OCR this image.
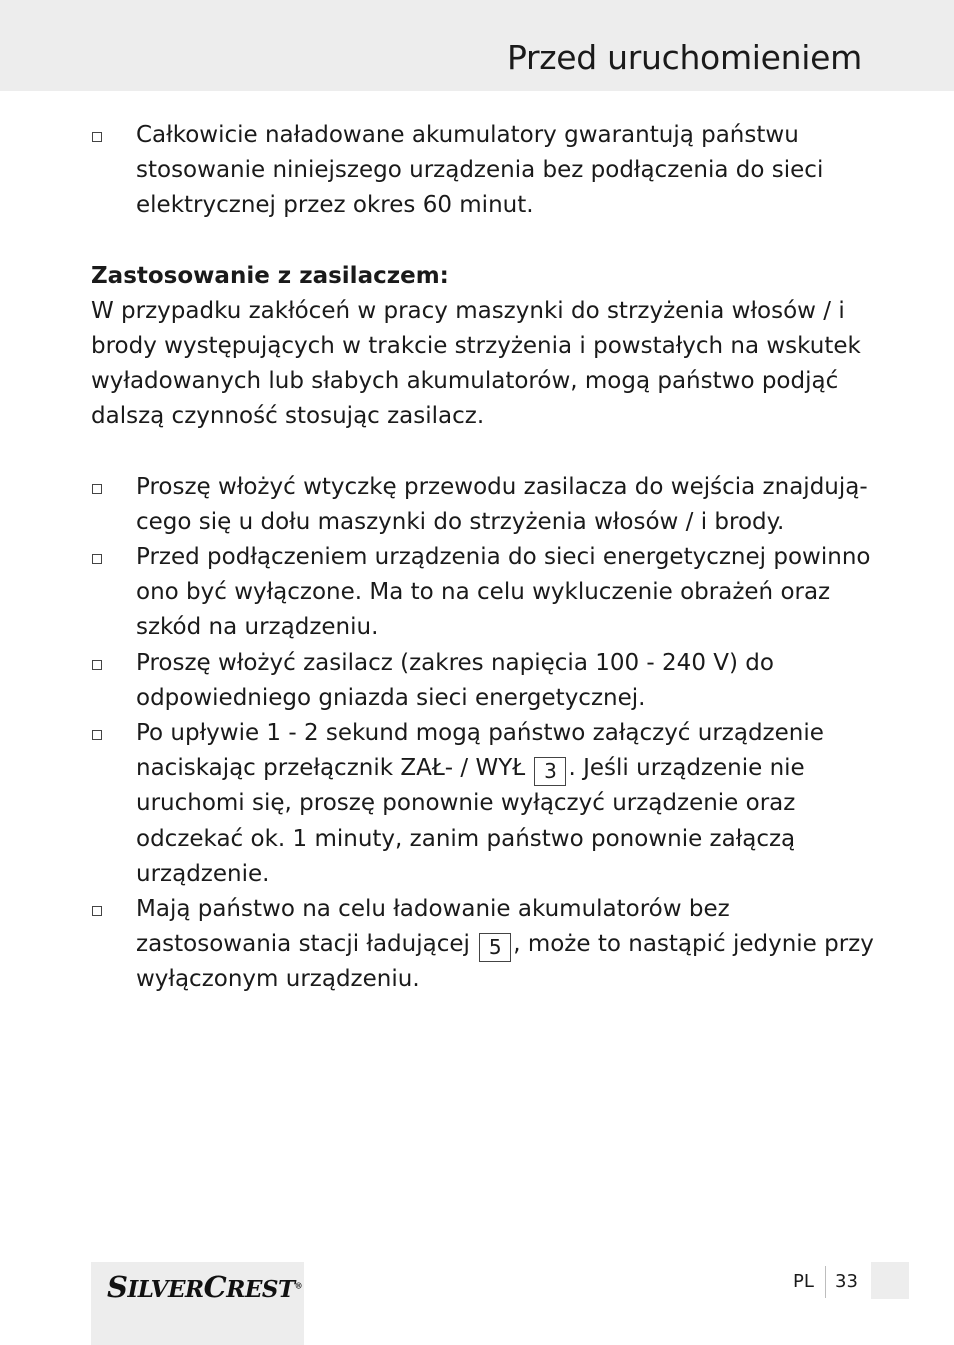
Przed uruchomieniem
Całkowicie naładowane akumulatory gwarantują państwu stosowanie niniejszego urządzenia bez podłączenia do sieci elektrycznej przez okres 60 minut.

Zastosowanie z zasilaczem:

W przypadku zakłóceń w pracy maszynki do strzyżenia włosów / i brody występujących w trakcie strzyżenia i powstałych na wskutek wyładowanych lub słabych akumulatorów, mogą państwo podjąć dalszą czynność stosując zasilacz.

Proszę włożyć wtyczkę przewodu zasilacza do wejścia znajdują-cego się u dołu maszynki do strzyżenia włosów / i brody.
Przed podłączeniem urządzenia do sieci energetycznej powinno ono być wyłączone. Ma to na celu wykluczenie obrażeń oraz szkód na urządzeniu.
Proszę włożyć zasilacz (zakres napięcia 100 - 240 V) do odpowiedniego gniazda sieci energetycznej.
Po upływie 1 - 2 sekund mogą państwo załączyć urządzenie naciskając przełącznik ZAŁ- / WYŁ 3 . Jeśli urządzenie nie uruchomi się, proszę ponownie wyłączyć urządzenie oraz odczekać ok. 1 minuty, zanim państwo ponownie załączą urządzenie.
Mają państwo na celu ładowanie akumulatorów bez zastosowania stacji ładującej 5 , może to nastąpić jedynie przy wyłączonym urządzeniu.
SILVERCREST®	PL 33
